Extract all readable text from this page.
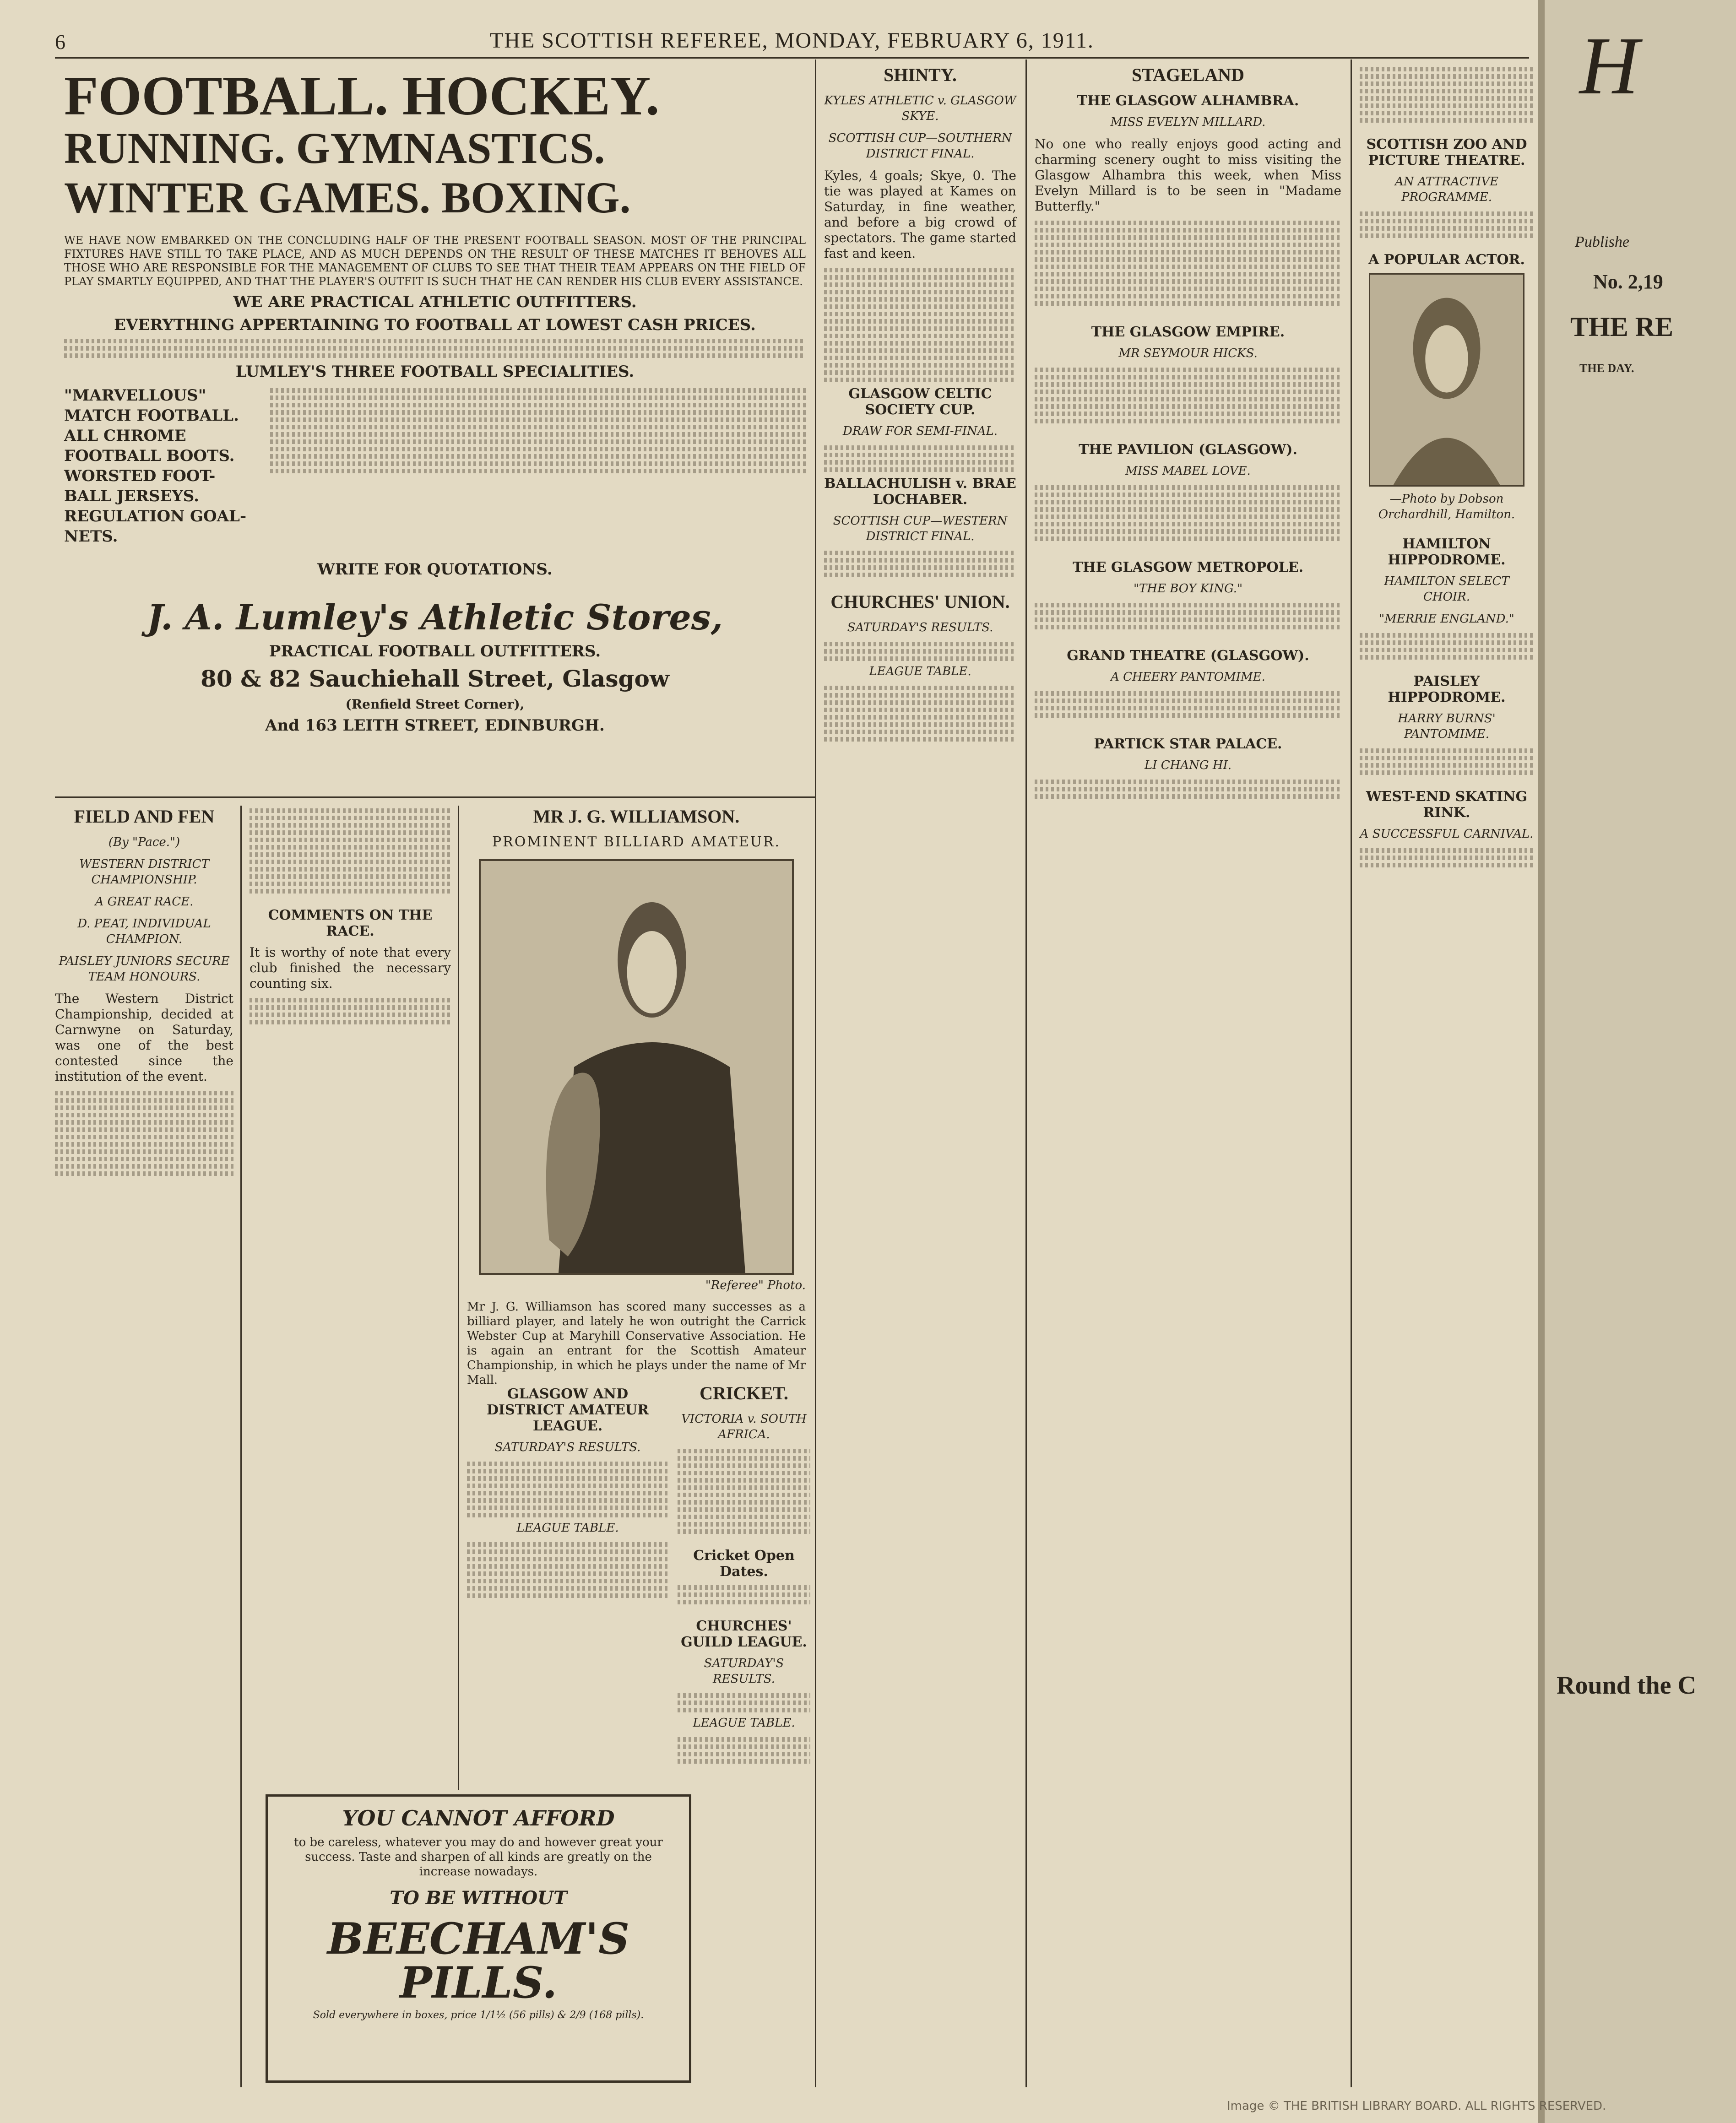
6	THE SCOTTISH REFEREE, MONDAY, FEBRUARY 6, 1911.

FOOTBALL. HOCKEY.

RUNNING. GYMNASTICS.

WINTER GAMES. BOXING.

WE HAVE NOW EMBARKED ON THE CONCLUDING HALF OF THE PRESENT FOOTBALL SEASON. MOST OF THE PRINCIPAL FIXTURES HAVE STILL TO TAKE PLACE, AND AS MUCH DEPENDS ON THE RESULT OF THESE MATCHES IT BEHOVES ALL THOSE WHO ARE RESPONSIBLE FOR THE MANAGEMENT OF CLUBS TO SEE THAT THEIR TEAM APPEARS ON THE FIELD OF PLAY SMARTLY EQUIPPED, AND THAT THE PLAYER'S OUTFIT IS SUCH THAT HE CAN RENDER HIS CLUB EVERY ASSISTANCE.

WE ARE PRACTICAL ATHLETIC OUTFITTERS.

EVERYTHING APPERTAINING TO FOOTBALL AT LOWEST CASH PRICES.

LUMLEY'S THREE FOOTBALL SPECIALITIES.

"MARVELLOUS" MATCH FOOTBALL.
ALL CHROME FOOTBALL BOOTS.
WORSTED FOOT-BALL JERSEYS.
REGULATION GOAL-NETS.

WRITE FOR QUOTATIONS.

J. A. Lumley's Athletic Stores,

PRACTICAL FOOTBALL OUTFITTERS.

80 & 82 Sauchiehall Street, Glasgow

(Renfield Street Corner),

And 163 LEITH STREET, EDINBURGH.

SHINTY.

KYLES ATHLETIC v. GLASGOW SKYE.

SCOTTISH CUP—SOUTHERN DISTRICT FINAL.

Kyles, 4 goals; Skye, 0. The tie was played at Kames on Saturday, in fine weather, and before a big crowd of spectators. The game started fast and keen.

GLASGOW CELTIC SOCIETY CUP.

DRAW FOR SEMI-FINAL.

BALLACHULISH v. BRAE LOCHABER.

SCOTTISH CUP—WESTERN DISTRICT FINAL.

CHURCHES' UNION.

SATURDAY'S RESULTS.

LEAGUE TABLE.

STAGELAND
THE GLASGOW ALHAMBRA.

MISS EVELYN MILLARD.

No one who really enjoys good acting and charming scenery ought to miss visiting the Glasgow Alhambra this week, when Miss Evelyn Millard is to be seen in "Madame Butterfly."

THE GLASGOW EMPIRE.

MR SEYMOUR HICKS.

THE PAVILION (GLASGOW).

MISS MABEL LOVE.

THE GLASGOW METROPOLE.

"THE BOY KING."

GRAND THEATRE (GLASGOW).

A CHEERY PANTOMIME.

PARTICK STAR PALACE.

LI CHANG HI.

SCOTTISH ZOO AND PICTURE THEATRE.

AN ATTRACTIVE PROGRAMME.

A POPULAR ACTOR.

—Photo by Dobson Orchardhill, Hamilton.

HAMILTON HIPPODROME.

HAMILTON SELECT CHOIR.

"MERRIE ENGLAND."

PAISLEY HIPPODROME.

HARRY BURNS' PANTOMIME.

WEST-END SKATING RINK.

A SUCCESSFUL CARNIVAL.

FIELD AND FEN

(By "Pace.")

WESTERN DISTRICT CHAMPIONSHIP.

A GREAT RACE.

D. PEAT, INDIVIDUAL CHAMPION.

PAISLEY JUNIORS SECURE TEAM HONOURS.

The Western District Championship, decided at Carnwyne on Saturday, was one of the best contested since the institution of the event.

COMMENTS ON THE RACE.

It is worthy of note that every club finished the necessary counting six.

MR J. G. WILLIAMSON.

PROMINENT BILLIARD AMATEUR.

"Referee" Photo.

Mr J. G. Williamson has scored many successes as a billiard player, and lately he won outright the Carrick Webster Cup at Maryhill Conservative Association. He is again an entrant for the Scottish Amateur Championship, in which he plays under the name of Mr Mall.

GLASGOW AND DISTRICT AMATEUR LEAGUE.

SATURDAY'S RESULTS.

LEAGUE TABLE.

CRICKET.

VICTORIA v. SOUTH AFRICA.

Cricket Open Dates.
CHURCHES' GUILD LEAGUE.

SATURDAY'S RESULTS.

LEAGUE TABLE.

YOU CANNOT AFFORD
to be careless, whatever you may do and however great your success. Taste and sharpen of all kinds are greatly on the increase nowadays.
TO BE WITHOUT
BEECHAM'S PILLS.
Sold everywhere in boxes, price 1/1½ (56 pills) & 2/9 (168 pills).
H
Publishe
No. 2,19
THE RE
THE DAY.
Round the C
Image © THE BRITISH LIBRARY BOARD. ALL RIGHTS RESERVED.
